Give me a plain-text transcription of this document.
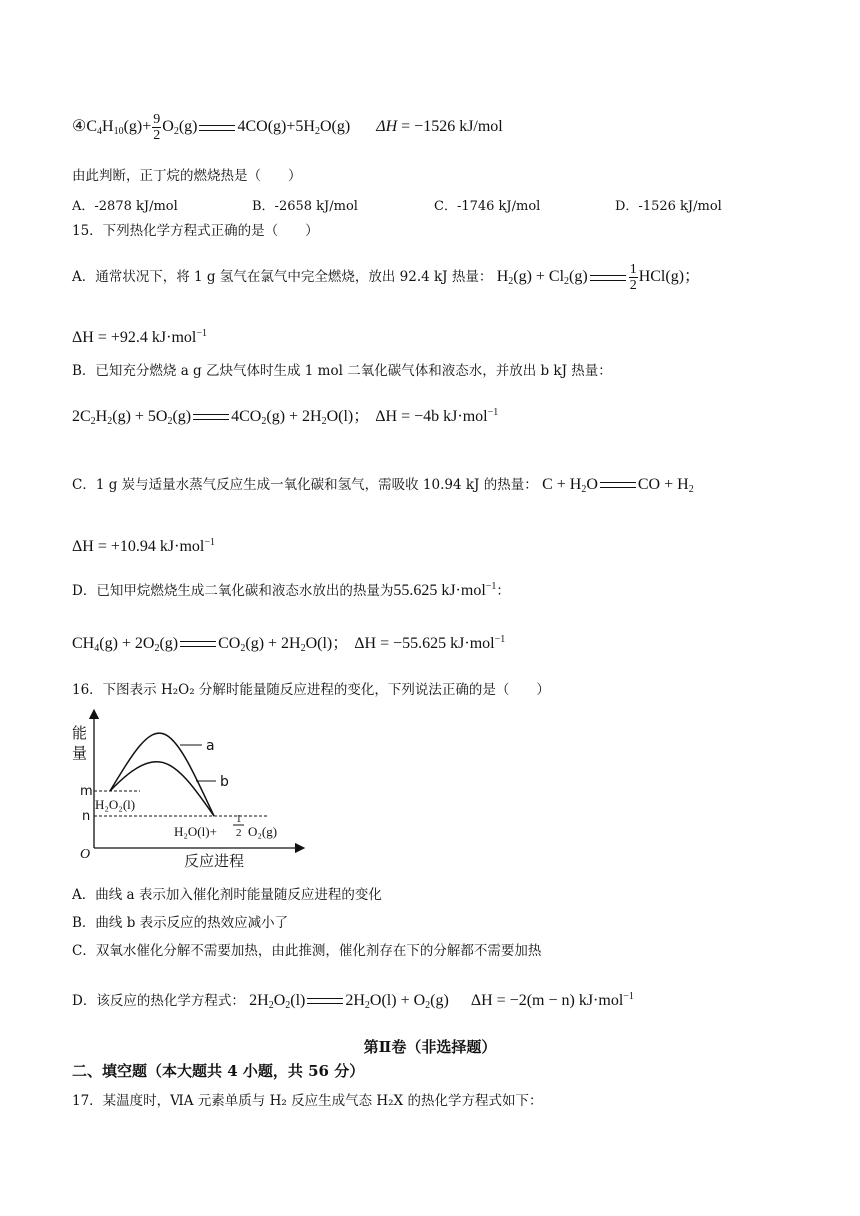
$④C_4H_{10}(g)+ \frac{9}{2} O_2(g)$	$4CO(g)+5H_2O(g) \Delta H = -1526$ kJ/mol
由此判断，正丁烷的燃烧热是（　　）
A．-2878 kJ/mol	B．-2658 kJ/mol	C．-1746 kJ/mol	D．-1526 kJ/mol
15．下列热化学方程式正确的是（　　）
A．通常状况下，将 1 g 氢气在氯气中完全燃烧，放出 92.4 kJ 热量： $H_2(g) + Cl_2(g)$	$\frac{1}{2} HCl(g)$；
ΔH = +92.4 kJ·mol$^{-1}$
B．已知充分燃烧 a g 乙炔气体时生成 1 mol 二氧化碳气体和液态水，并放出 b kJ 热量：
$2C_2H_2(g) + 5O_2(g)$	$4CO_2(g) + 2H_2O(l)$； ΔH = −4b kJ·mol$^{-1}$
C．1 g 炭与适量水蒸气反应生成一氧化碳和氢气，需吸收 10.94 kJ 的热量： $C + H_2O$	CO + $H_2$
ΔH = +10.94 kJ·mol$^{-1}$
D．已知甲烷燃烧生成二氧化碳和液态水放出的热量为55.625 kJ·mol$^{-1}$：
$CH_4(g) + 2O_2(g)$	$CO_2(g) + 2H_2O(l)$； ΔH = −55.625 kJ·mol$^{-1}$
16．下图表示 H₂O₂ 分解时能量随反应进程的变化，下列说法正确的是（　　）
能
量
m
n
O
a
b
H₂O₂(l)
H₂O(l)+
1
2 O₂(g)
反应进程
A．曲线 a 表示加入催化剂时能量随反应进程的变化
B．曲线 b 表示反应的热效应减小了
C．双氧水催化分解不需要加热，由此推测，催化剂存在下的分解都不需要加热
D．该反应的热化学方程式： $2H_2O_2(l)$	$2H_2O(l) + O_2(g) \Delta H = -2(m - n)$ kJ·mol$^{-1}$
第Ⅱ卷（非选择题）
二、填空题（本大题共 4 小题，共 56 分）
17．某温度时，ⅥA 元素单质与 H₂ 反应生成气态 H₂X 的热化学方程式如下：
